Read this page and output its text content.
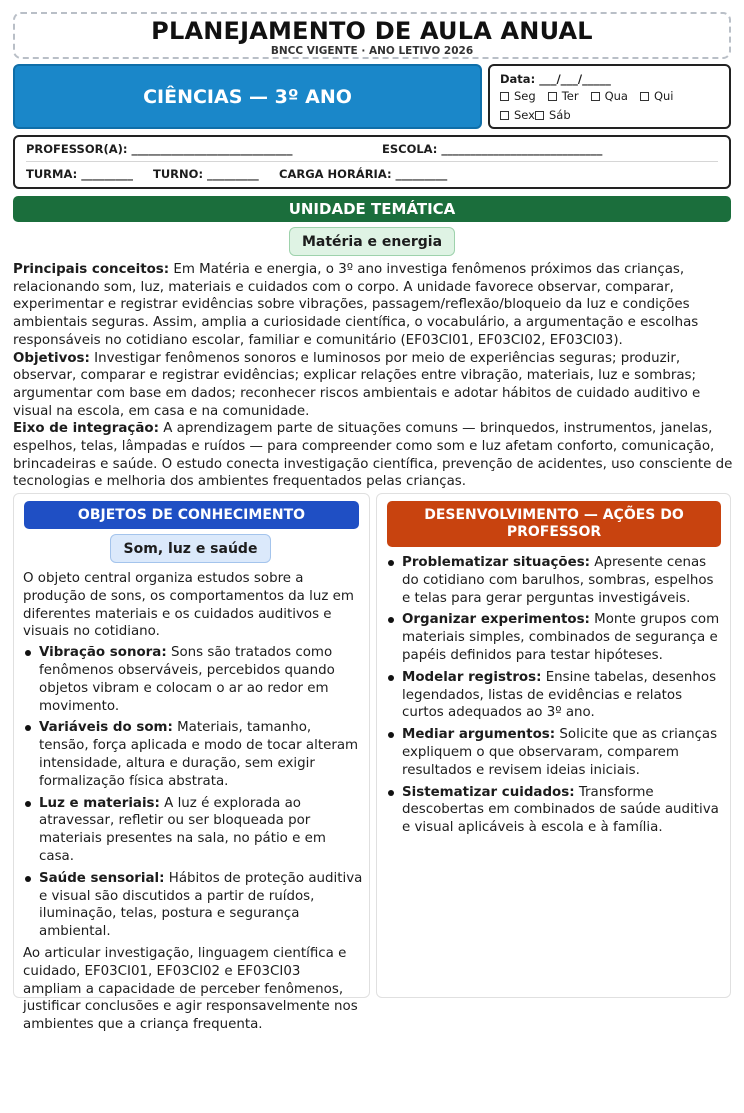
PLANEJAMENTO DE AULA ANUAL
BNCC VIGENTE · ANO LETIVO 2026
CIÊNCIAS — 3º ANO
Data: ___/___/_____
Seg Ter Qua Qui
Sex Sáb
PROFESSOR(A): ____________________________	ESCOLA: ____________________________
TURMA: _________	TURNO: _________	CARGA HORÁRIA: _________
UNIDADE TEMÁTICA
Matéria e energia

Principais conceitos: Em Matéria e energia, o 3º ano investiga fenômenos próximos das crianças, relacionando som, luz, materiais e cuidados com o corpo. A unidade favorece observar, comparar, experimentar e registrar evidências sobre vibrações, passagem/reflexão/bloqueio da luz e condições ambientais seguras. Assim, amplia a curiosidade científica, o vocabulário, a argumentação e escolhas responsáveis no cotidiano escolar, familiar e comunitário (EF03CI01, EF03CI02, EF03CI03).

Objetivos: Investigar fenômenos sonoros e luminosos por meio de experiências seguras; produzir, observar, comparar e registrar evidências; explicar relações entre vibração, materiais, luz e sombras; argumentar com base em dados; reconhecer riscos ambientais e adotar hábitos de cuidado auditivo e visual na escola, em casa e na comunidade.

Eixo de integração: A aprendizagem parte de situações comuns — brinquedos, instrumentos, janelas, espelhos, telas, lâmpadas e ruídos — para compreender como som e luz afetam conforto, comunicação, brincadeiras e saúde. O estudo conecta investigação científica, prevenção de acidentes, uso consciente de tecnologias e melhoria dos ambientes frequentados pelas crianças.

OBJETOS DE CONHECIMENTO
Som, luz e saúde
O objeto central organiza estudos sobre a produção de sons, os comportamentos da luz em diferentes materiais e os cuidados auditivos e visuais no cotidiano.
Vibração sonora: Sons são tratados como fenômenos observáveis, percebidos quando objetos vibram e colocam o ar ao redor em movimento.
Variáveis do som: Materiais, tamanho, tensão, força aplicada e modo de tocar alteram intensidade, altura e duração, sem exigir formalização física abstrata.
Luz e materiais: A luz é explorada ao atravessar, refletir ou ser bloqueada por materiais presentes na sala, no pátio e em casa.
Saúde sensorial: Hábitos de proteção auditiva e visual são discutidos a partir de ruídos, iluminação, telas, postura e segurança ambiental.
Ao articular investigação, linguagem científica e cuidado, EF03CI01, EF03CI02 e EF03CI03 ampliam a capacidade de perceber fenômenos, justificar conclusões e agir responsavelmente nos ambientes que a criança frequenta.
DESENVOLVIMENTO — AÇÕES DO PROFESSOR
Problematizar situações: Apresente cenas do cotidiano com barulhos, sombras, espelhos e telas para gerar perguntas investigáveis.
Organizar experimentos: Monte grupos com materiais simples, combinados de segurança e papéis definidos para testar hipóteses.
Modelar registros: Ensine tabelas, desenhos legendados, listas de evidências e relatos curtos adequados ao 3º ano.
Mediar argumentos: Solicite que as crianças expliquem o que observaram, comparem resultados e revisem ideias iniciais.
Sistematizar cuidados: Transforme descobertas em combinados de saúde auditiva e visual aplicáveis à escola e à família.
